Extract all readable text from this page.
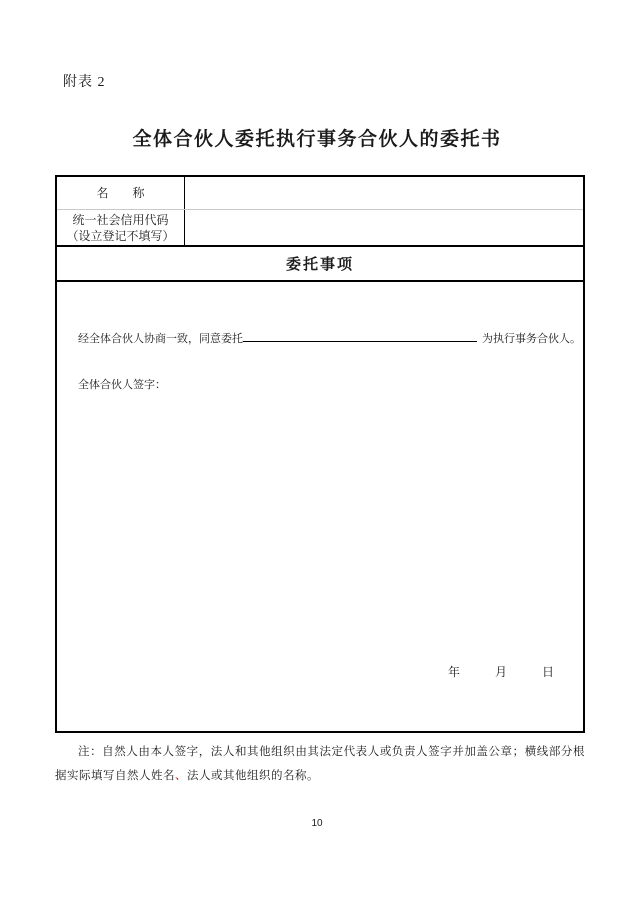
附表 2
全体合伙人委托执行事务合伙人的委托书
名　　称
统一社会信用代码
（设立登记不填写）
委托事项

经全体合伙人协商一致，同意委托	为执行事务合伙人。

全体合伙人签字：

年	月	日

注：自然人由本人签字，法人和其他组织由其法定代表人或负责人签字并加盖公章；横线部分根据实际填写自然人姓名、法人或其他组织的名称。

10
